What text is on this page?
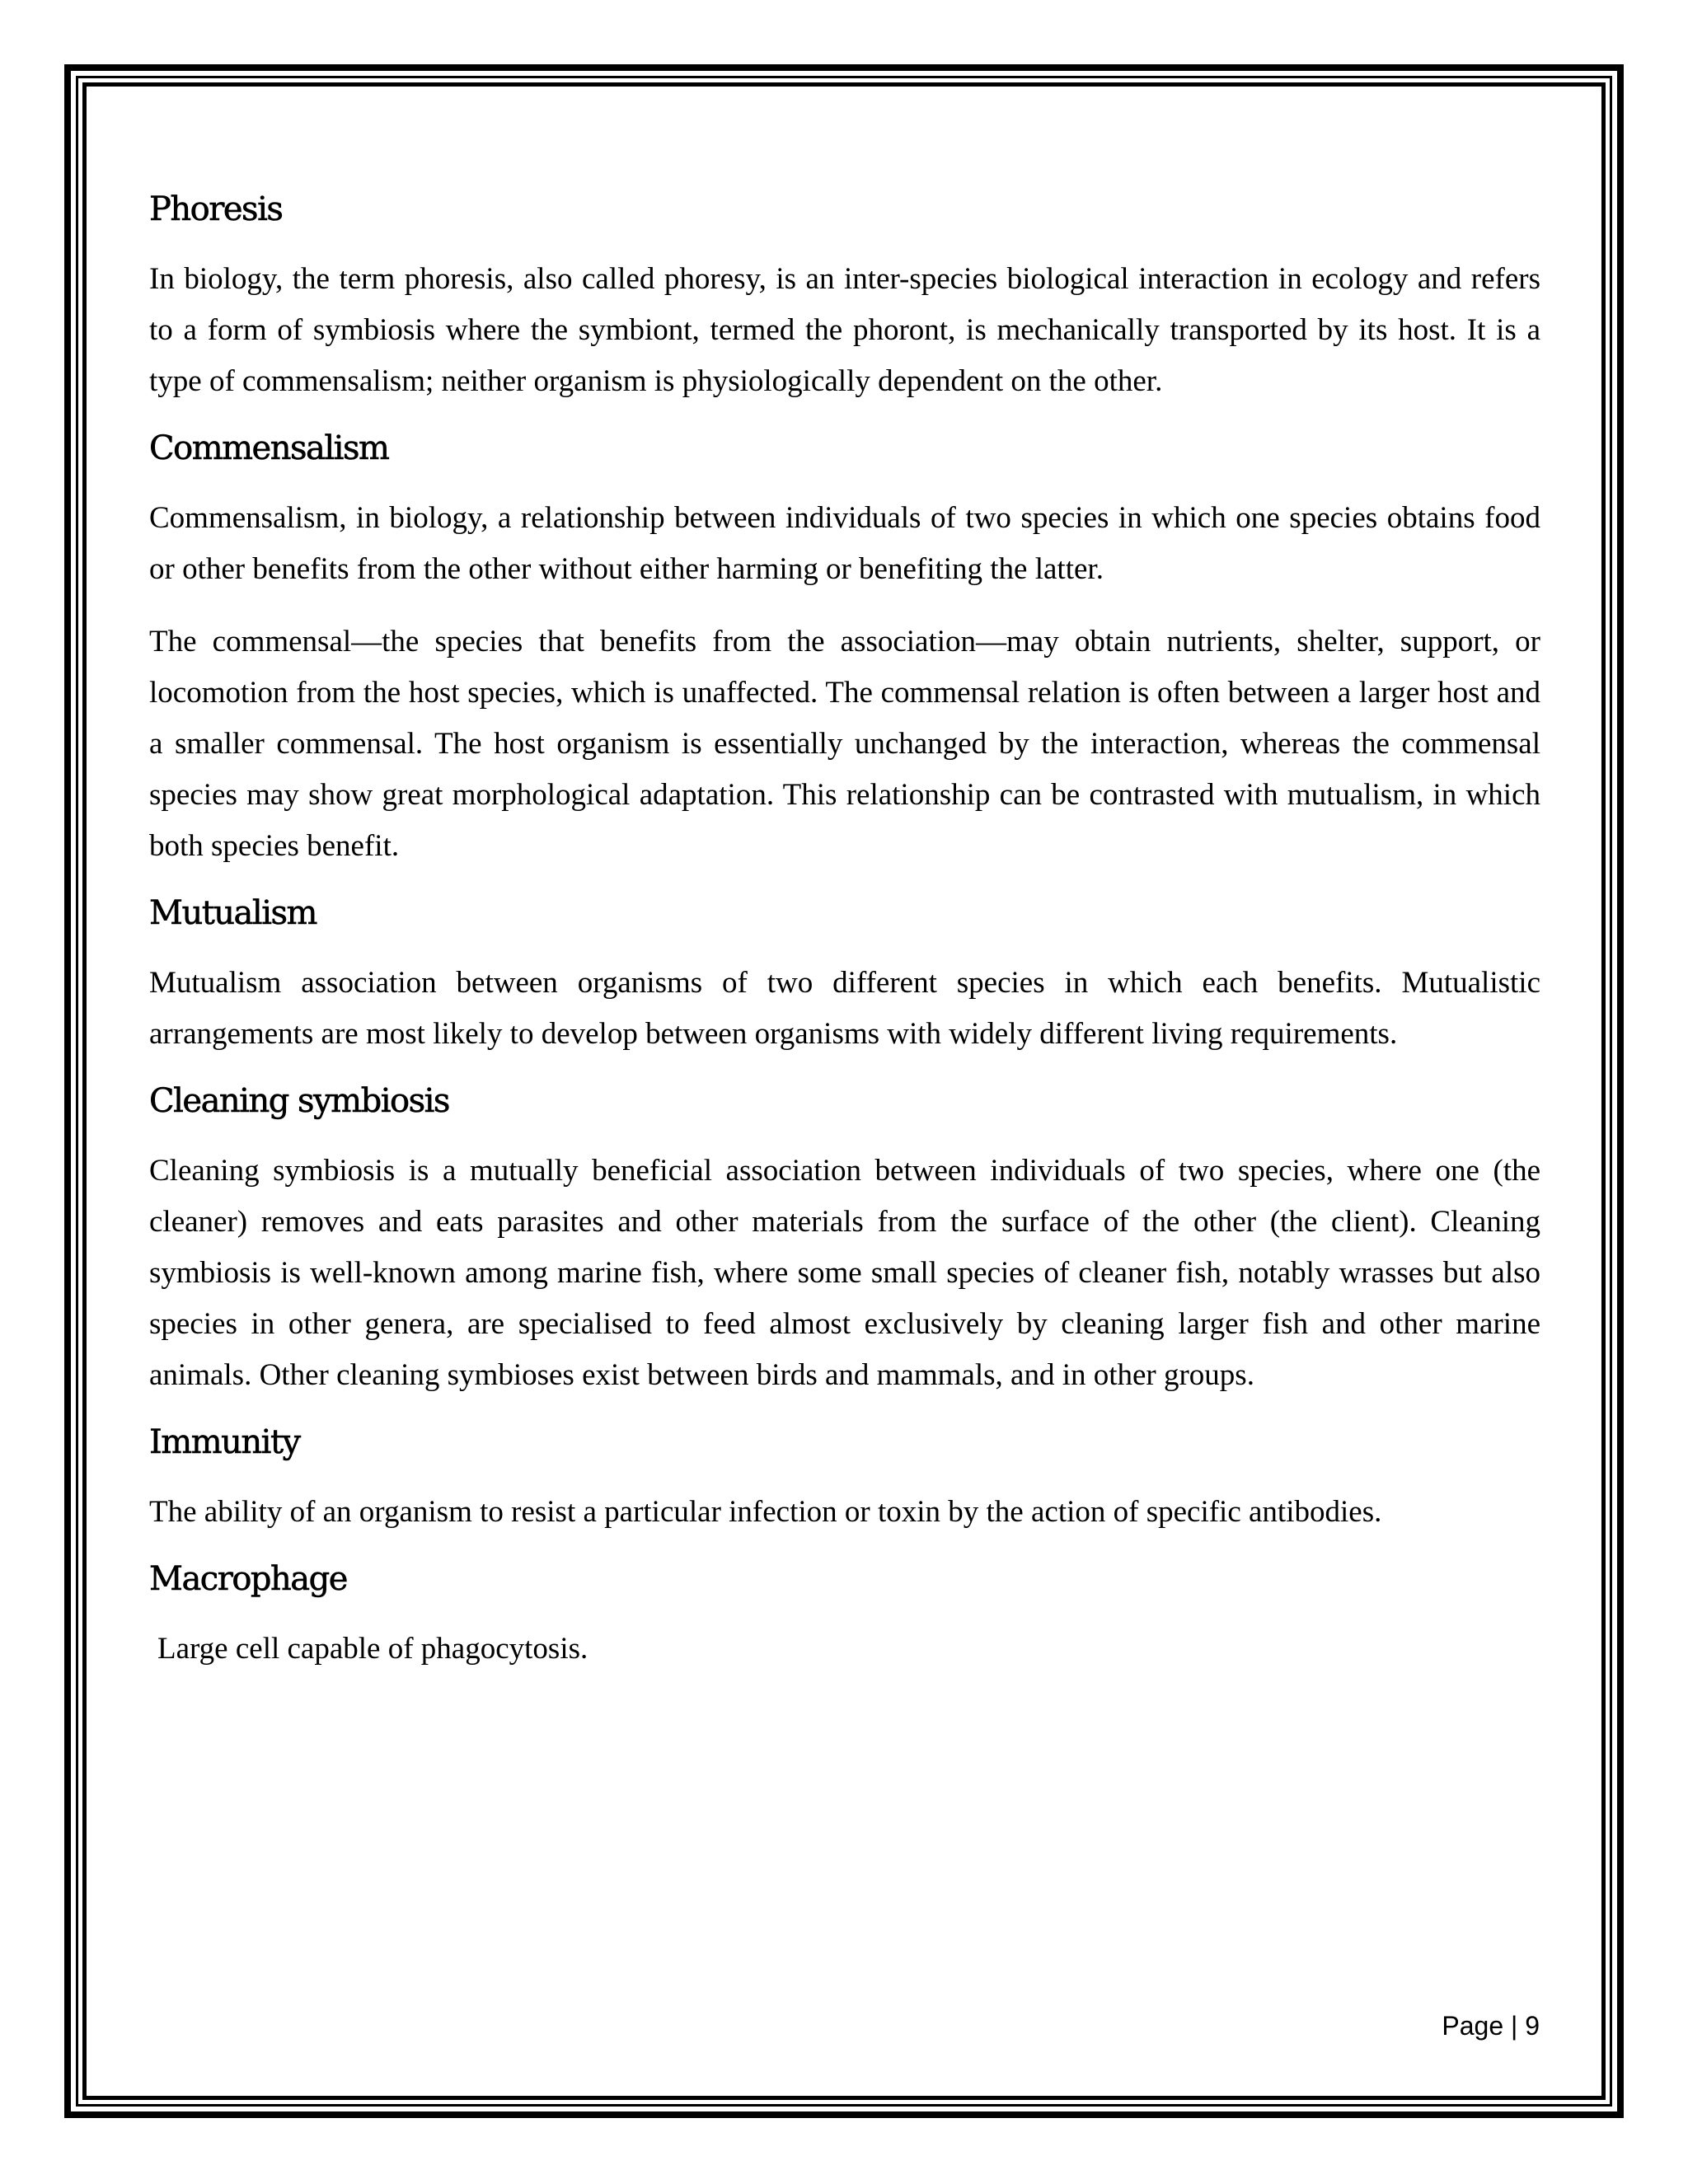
Phoresis

In biology, the term phoresis, also called phoresy, is an inter-species biological interaction in ecology and refers to a form of symbiosis where the symbiont, termed the phoront, is mechanically transported by its host. It is a type of commensalism; neither organism is physiologically dependent on the other.

Commensalism

Commensalism, in biology, a relationship between individuals of two species in which one species obtains food or other benefits from the other without either harming or benefiting the latter.

The commensal—the species that benefits from the association—may obtain nutrients, shelter, support, or locomotion from the host species, which is unaffected. The commensal relation is often between a larger host and a smaller commensal. The host organism is essentially unchanged by the interaction, whereas the commensal species may show great morphological adaptation. This relationship can be contrasted with mutualism, in which both species benefit.

Mutualism

Mutualism association between organisms of two different species in which each benefits. Mutualistic arrangements are most likely to develop between organisms with widely different living requirements.

Cleaning symbiosis

Cleaning symbiosis is a mutually beneficial association between individuals of two species, where one (the cleaner) removes and eats parasites and other materials from the surface of the other (the client). Cleaning symbiosis is well-known among marine fish, where some small species of cleaner fish, notably wrasses but also species in other genera, are specialised to feed almost exclusively by cleaning larger fish and other marine animals. Other cleaning symbioses exist between birds and mammals, and in other groups.

Immunity

The ability of an organism to resist a particular infection or toxin by the action of specific antibodies.

Macrophage

Large cell capable of phagocytosis.

Page | 9
